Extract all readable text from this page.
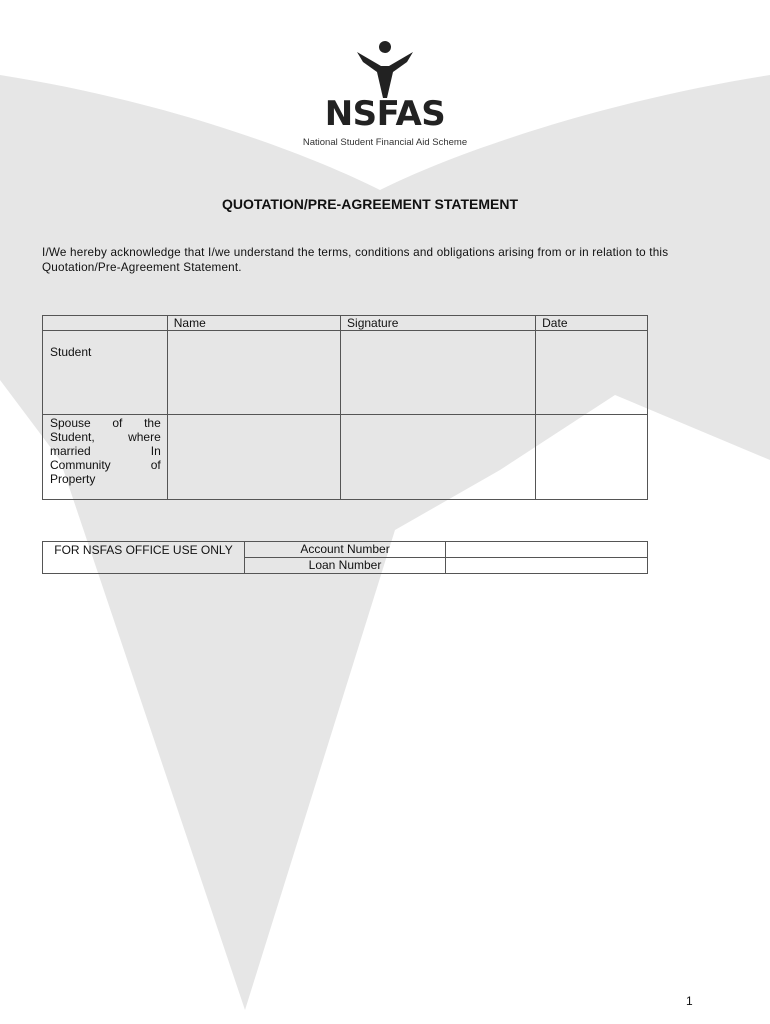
NSFAS
National Student Financial Aid Scheme
QUOTATION/PRE-AGREEMENT STATEMENT
I/We hereby acknowledge that I/we understand the terms, conditions and obligations arising from or in relation to this Quotation/Pre-Agreement Statement.
	Name	Signature	Date
Student			
Spouse of the Student, where married In Community of Property			
FOR NSFAS OFFICE USE ONLY	Account Number	
	Loan Number	
1
